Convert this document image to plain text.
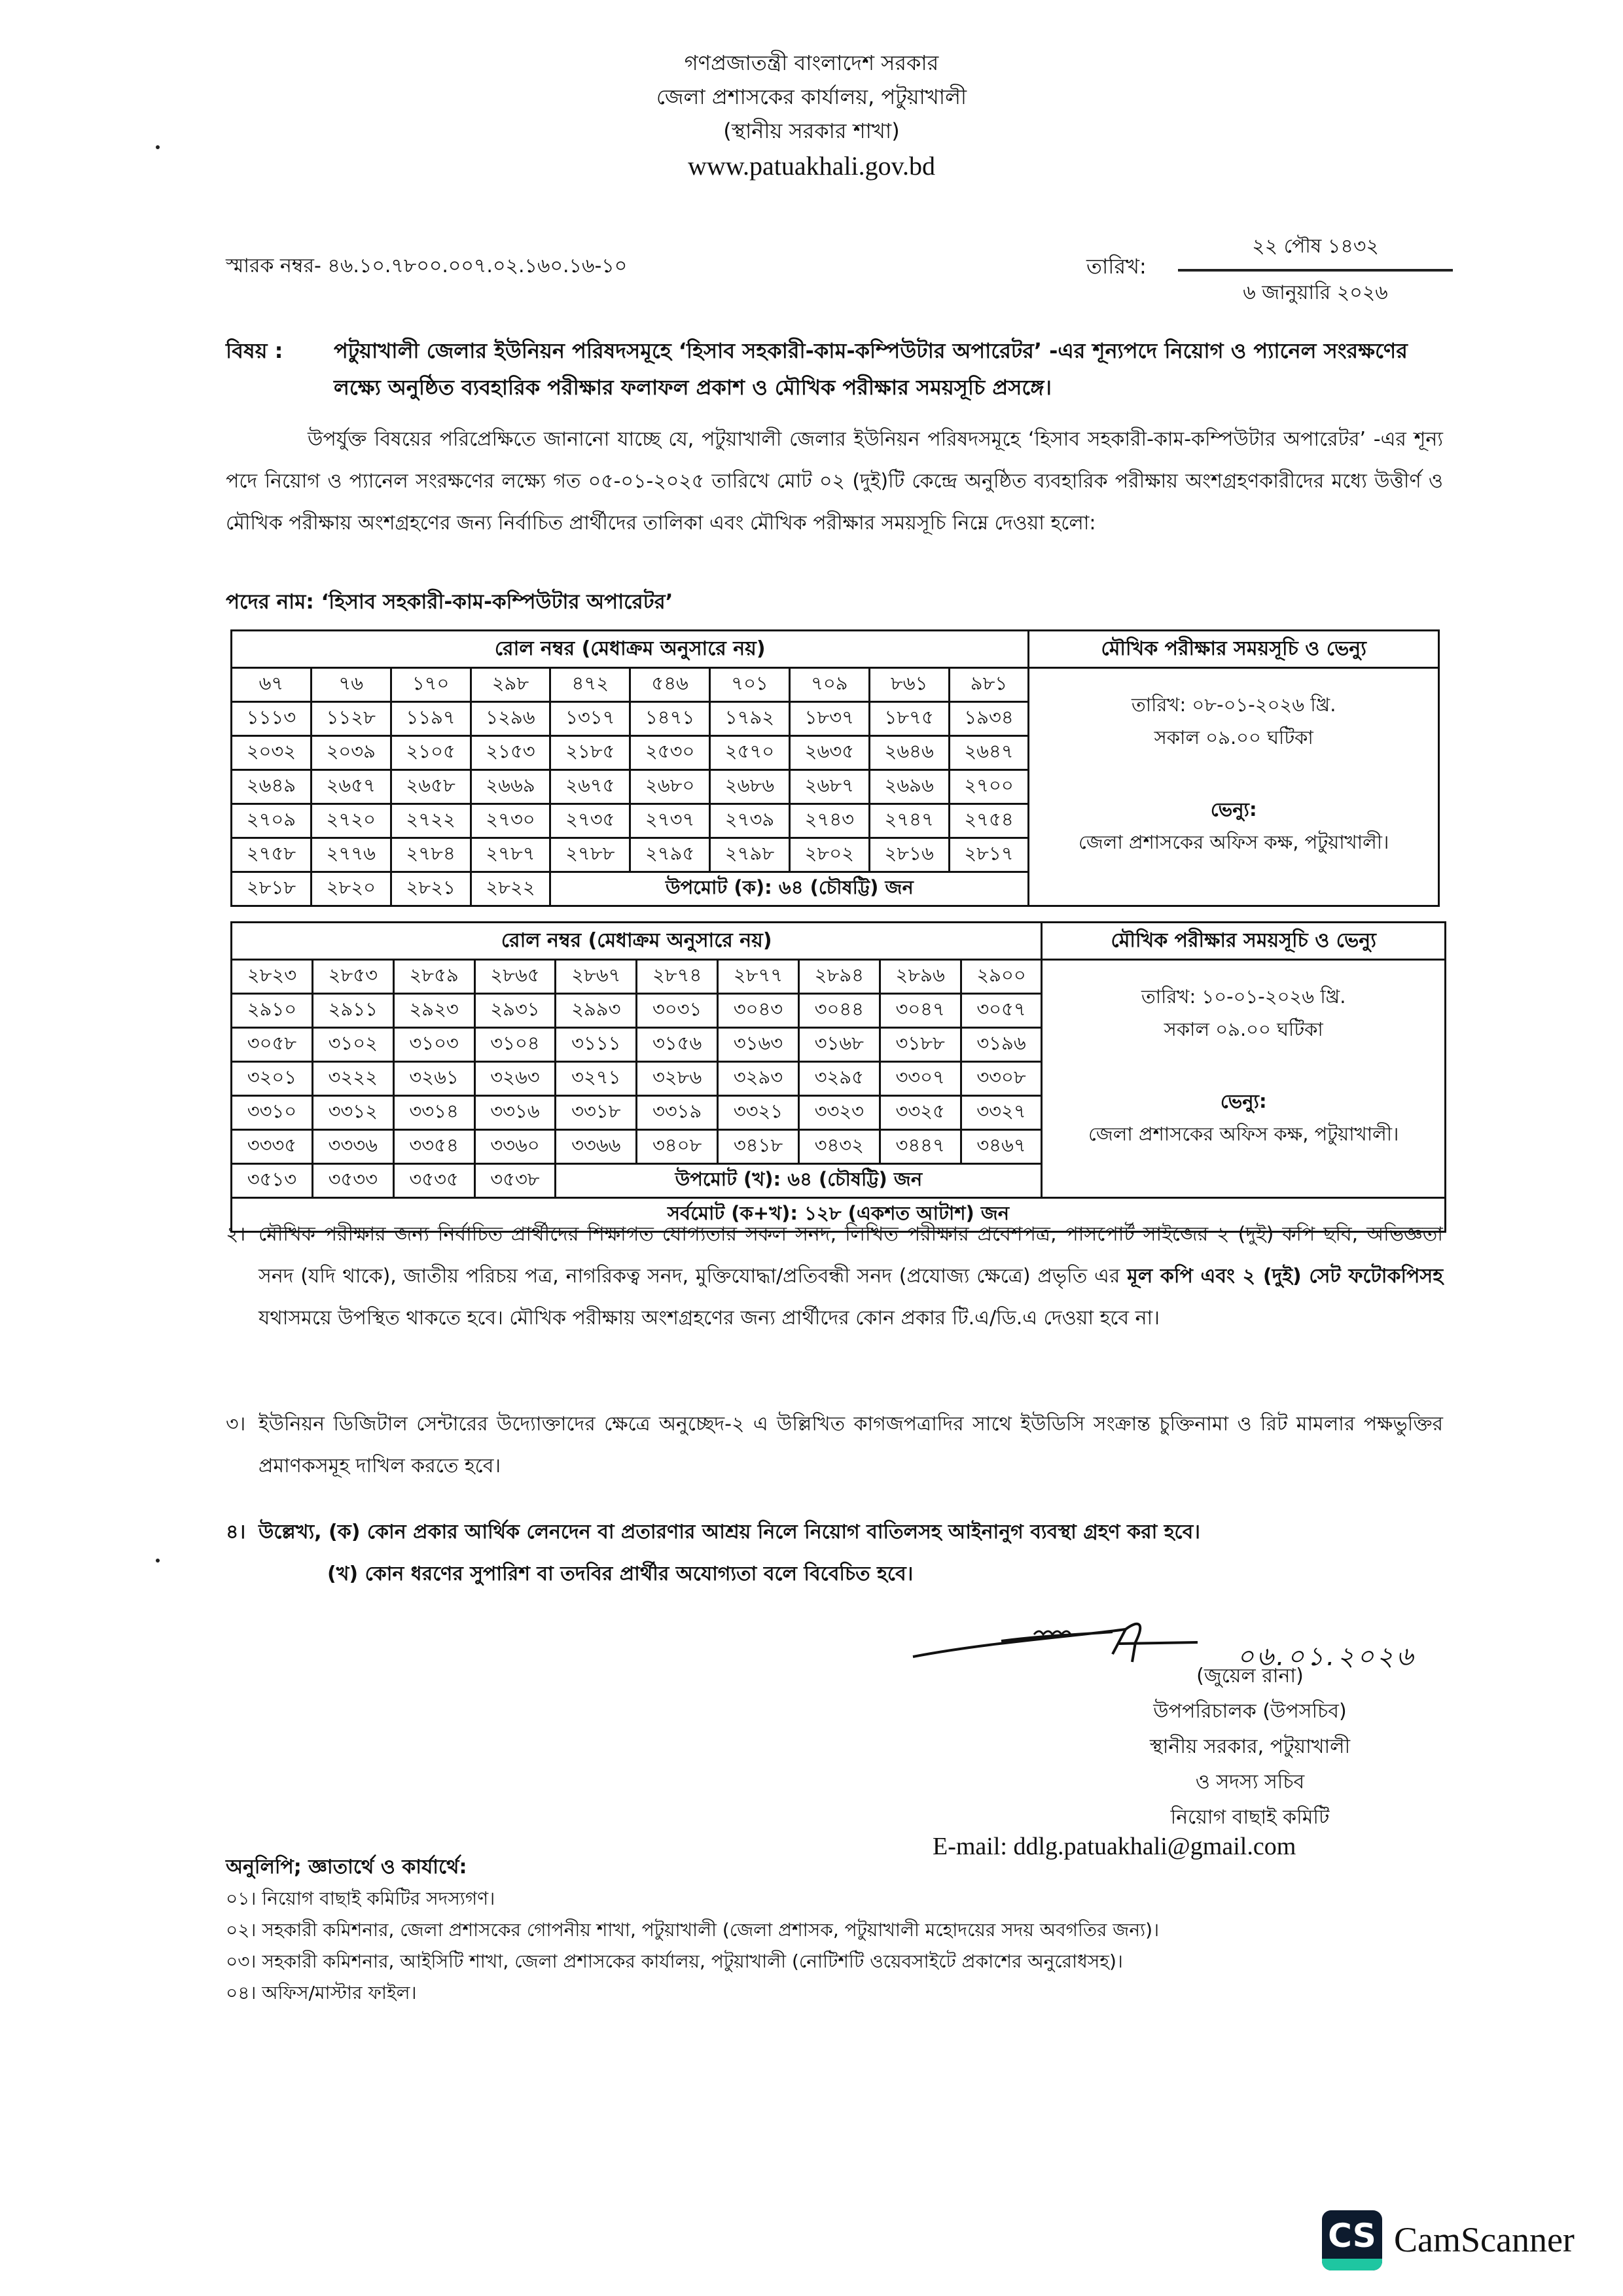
গণপ্রজাতন্ত্রী বাংলাদেশ সরকার
জেলা প্রশাসকের কার্যালয়, পটুয়াখালী
(স্থানীয় সরকার শাখা)
www.patuakhali.gov.bd
স্মারক নম্বর- ৪৬.১০.৭৮০০.০০৭.০২.১৬০.১৬-১০	তারিখ:
২২ পৌষ ১৪৩২
৬ জানুয়ারি ২০২৬
বিষয় :	পটুয়াখালী জেলার ইউনিয়ন পরিষদসমূহে ‘হিসাব সহকারী-কাম-কম্পিউটার অপারেটর’ -এর শূন্যপদে নিয়োগ ও প্যানেল সংরক্ষণের লক্ষ্যে অনুষ্ঠিত ব্যবহারিক পরীক্ষার ফলাফল প্রকাশ ও মৌখিক পরীক্ষার সময়সূচি প্রসঙ্গে।
উপর্যুক্ত বিষয়ের পরিপ্রেক্ষিতে জানানো যাচ্ছে যে, পটুয়াখালী জেলার ইউনিয়ন পরিষদসমূহে ‘হিসাব সহকারী-কাম-কম্পিউটার অপারেটর’ -এর শূন্য পদে নিয়োগ ও প্যানেল সংরক্ষণের লক্ষ্যে গত ০৫-০১-২০২৫ তারিখে মোট ০২ (দুই)টি কেন্দ্রে অনুষ্ঠিত ব্যবহারিক পরীক্ষায় অংশগ্রহণকারীদের মধ্যে উত্তীর্ণ ও মৌখিক পরীক্ষায় অংশগ্রহণের জন্য নির্বাচিত প্রার্থীদের তালিকা এবং মৌখিক পরীক্ষার সময়সূচি নিম্নে দেওয়া হলো:
পদের নাম: ‘হিসাব সহকারী-কাম-কম্পিউটার অপারেটর’
রোল নম্বর (মেধাক্রম অনুসারে নয়)										মৌখিক পরীক্ষার সময়সূচি ও ভেন্যু
৬৭	৭৬	১৭০	২৯৮	৪৭২	৫৪৬	৭০১	৭০৯	৮৬১	৯৮১	তারিখ: ০৮-০১-২০২৬ খ্রি.
সকাল ০৯.০০ ঘটিকা
ভেন্যু:
জেলা প্রশাসকের অফিস কক্ষ, পটুয়াখালী।

১১১৩	১১২৮	১১৯৭	১২৯৬	১৩১৭	১৪৭১	১৭৯২	১৮৩৭	১৮৭৫	১৯৩৪	
২০৩২	২০৩৯	২১০৫	২১৫৩	২১৮৫	২৫৩০	২৫৭০	২৬৩৫	২৬৪৬	২৬৪৭	
২৬৪৯	২৬৫৭	২৬৫৮	২৬৬৯	২৬৭৫	২৬৮০	২৬৮৬	২৬৮৭	২৬৯৬	২৭০০	
২৭০৯	২৭২০	২৭২২	২৭৩০	২৭৩৫	২৭৩৭	২৭৩৯	২৭৪৩	২৭৪৭	২৭৫৪	
২৭৫৮	২৭৭৬	২৭৮৪	২৭৮৭	২৭৮৮	২৭৯৫	২৭৯৮	২৮০২	২৮১৬	২৮১৭	
২৮১৮	২৮২০	২৮২১	২৮২২	উপমোট (ক): ৬৪ (চৌষট্টি) জন						
রোল নম্বর (মেধাক্রম অনুসারে নয়)										মৌখিক পরীক্ষার সময়সূচি ও ভেন্যু
২৮২৩	২৮৫৩	২৮৫৯	২৮৬৫	২৮৬৭	২৮৭৪	২৮৭৭	২৮৯৪	২৮৯৬	২৯০০	তারিখ: ১০-০১-২০২৬ খ্রি.
সকাল ০৯.০০ ঘটিকা
ভেন্যু:
জেলা প্রশাসকের অফিস কক্ষ, পটুয়াখালী।

২৯১০	২৯১১	২৯২৩	২৯৩১	২৯৯৩	৩০৩১	৩০৪৩	৩০৪৪	৩০৪৭	৩০৫৭	
৩০৫৮	৩১০২	৩১০৩	৩১০৪	৩১১১	৩১৫৬	৩১৬৩	৩১৬৮	৩১৮৮	৩১৯৬	
৩২০১	৩২২২	৩২৬১	৩২৬৩	৩২৭১	৩২৮৬	৩২৯৩	৩২৯৫	৩৩০৭	৩৩০৮	
৩৩১০	৩৩১২	৩৩১৪	৩৩১৬	৩৩১৮	৩৩১৯	৩৩২১	৩৩২৩	৩৩২৫	৩৩২৭	
৩৩৩৫	৩৩৩৬	৩৩৫৪	৩৩৬০	৩৩৬৬	৩৪০৮	৩৪১৮	৩৪৩২	৩৪৪৭	৩৪৬৭	
৩৫১৩	৩৫৩৩	৩৫৩৫	৩৫৩৮	উপমোট (খ): ৬৪ (চৌষট্টি) জন						
সর্বমোট (ক+খ): ১২৮ (একশত আটাশ) জন										
২। মৌখিক পরীক্ষার জন্য নির্বাচিত প্রার্থীদের শিক্ষাগত যোগ্যতার সকল সনদ, লিখিত পরীক্ষার প্রবেশপত্র, পাসপোর্ট সাইজের ২ (দুই) কপি ছবি, অভিজ্ঞতা সনদ (যদি থাকে), জাতীয় পরিচয় পত্র, নাগরিকত্ব সনদ, মুক্তিযোদ্ধা/প্রতিবন্ধী সনদ (প্রযোজ্য ক্ষেত্রে) প্রভৃতি এর মূল কপি এবং ২ (দুই) সেট ফটোকপিসহ যথাসময়ে উপস্থিত থাকতে হবে। মৌখিক পরীক্ষায় অংশগ্রহণের জন্য প্রার্থীদের কোন প্রকার টি.এ/ডি.এ দেওয়া হবে না।
৩। ইউনিয়ন ডিজিটাল সেন্টারের উদ্যোক্তাদের ক্ষেত্রে অনুচ্ছেদ-২ এ উল্লিখিত কাগজপত্রাদির সাথে ইউডিসি সংক্রান্ত চুক্তিনামা ও রিট মামলার পক্ষভুক্তির প্রমাণকসমূহ দাখিল করতে হবে।
৪। উল্লেখ্য, (ক) কোন প্রকার আর্থিক লেনদেন বা প্রতারণার আশ্রয় নিলে নিয়োগ বাতিলসহ আইনানুগ ব্যবস্থা গ্রহণ করা হবে।
(খ) কোন ধরণের সুপারিশ বা তদবির প্রার্থীর অযোগ্যতা বলে বিবেচিত হবে।
০৬.০১.২০২৬
(জুয়েল রানা)
উপপরিচালক (উপসচিব)
স্থানীয় সরকার, পটুয়াখালী
ও সদস্য সচিব
নিয়োগ বাছাই কমিটি
E-mail: ddlg.patuakhali@gmail.com
অনুলিপি; জ্ঞাতার্থে ও কার্যার্থে:
০১। নিয়োগ বাছাই কমিটির সদস্যগণ।
০২। সহকারী কমিশনার, জেলা প্রশাসকের গোপনীয় শাখা, পটুয়াখালী (জেলা প্রশাসক, পটুয়াখালী মহোদয়ের সদয় অবগতির জন্য)।
০৩। সহকারী কমিশনার, আইসিটি শাখা, জেলা প্রশাসকের কার্যালয়, পটুয়াখালী (নোটিশটি ওয়েবসাইটে প্রকাশের অনুরোধসহ)।
০৪। অফিস/মাস্টার ফাইল।
CS CamScanner
